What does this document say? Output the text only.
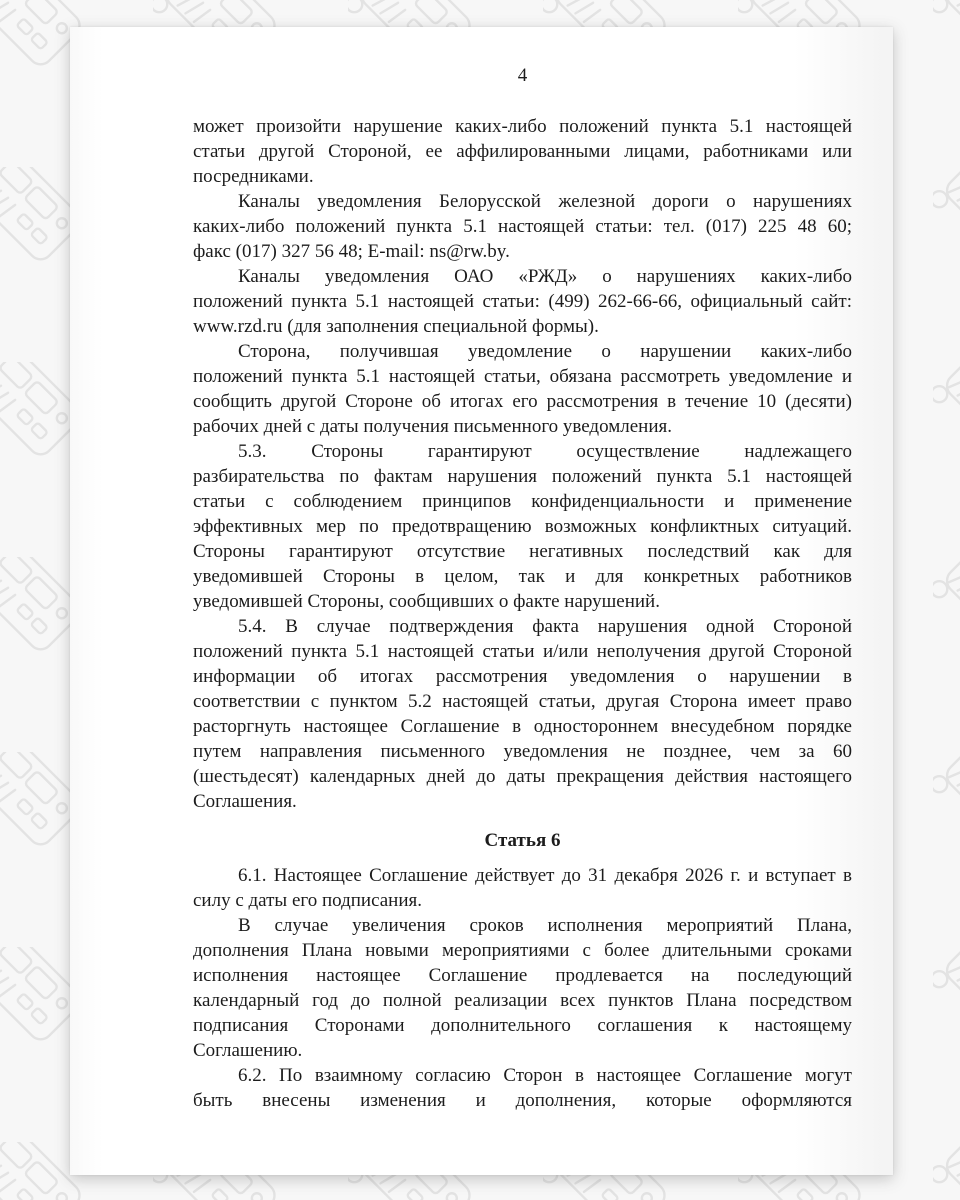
4
может произойти нарушение каких-либо положений пункта 5.1 настоящей
статьи другой Стороной, ее аффилированными лицами, работниками или
посредниками.
Каналы уведомления Белорусской железной дороги о нарушениях
каких-либо положений пункта 5.1 настоящей статьи: тел. (017) 225 48 60;
факс (017) 327 56 48; E-mail: ns@rw.by.
Каналы уведомления ОАО «РЖД» о нарушениях каких-либо
положений пункта 5.1 настоящей статьи: (499) 262-66-66, официальный сайт:
www.rzd.ru (для заполнения специальной формы).
Сторона, получившая уведомление о нарушении каких-либо
положений пункта 5.1 настоящей статьи, обязана рассмотреть уведомление и
сообщить другой Стороне об итогах его рассмотрения в течение 10 (десяти)
рабочих дней с даты получения письменного уведомления.
5.3. Стороны гарантируют осуществление надлежащего
разбирательства по фактам нарушения положений пункта 5.1 настоящей
статьи с соблюдением принципов конфиденциальности и применение
эффективных мер по предотвращению возможных конфликтных ситуаций.
Стороны гарантируют отсутствие негативных последствий как для
уведомившей Стороны в целом, так и для конкретных работников
уведомившей Стороны, сообщивших о факте нарушений.
5.4. В случае подтверждения факта нарушения одной Стороной
положений пункта 5.1 настоящей статьи и/или неполучения другой Стороной
информации об итогах рассмотрения уведомления о нарушении в
соответствии с пунктом 5.2 настоящей статьи, другая Сторона имеет право
расторгнуть настоящее Соглашение в одностороннем внесудебном порядке
путем направления письменного уведомления не позднее, чем за 60
(шестьдесят) календарных дней до даты прекращения действия настоящего
Соглашения.
Статья 6
6.1. Настоящее Соглашение действует до 31 декабря 2026 г. и вступает в
силу с даты его подписания.
В случае увеличения сроков исполнения мероприятий Плана,
дополнения Плана новыми мероприятиями с более длительными сроками
исполнения настоящее Соглашение продлевается на последующий
календарный год до полной реализации всех пунктов Плана посредством
подписания Сторонами дополнительного соглашения к настоящему
Соглашению.
6.2. По взаимному согласию Сторон в настоящее Соглашение могут
быть внесены изменения и дополнения, которые оформляются
